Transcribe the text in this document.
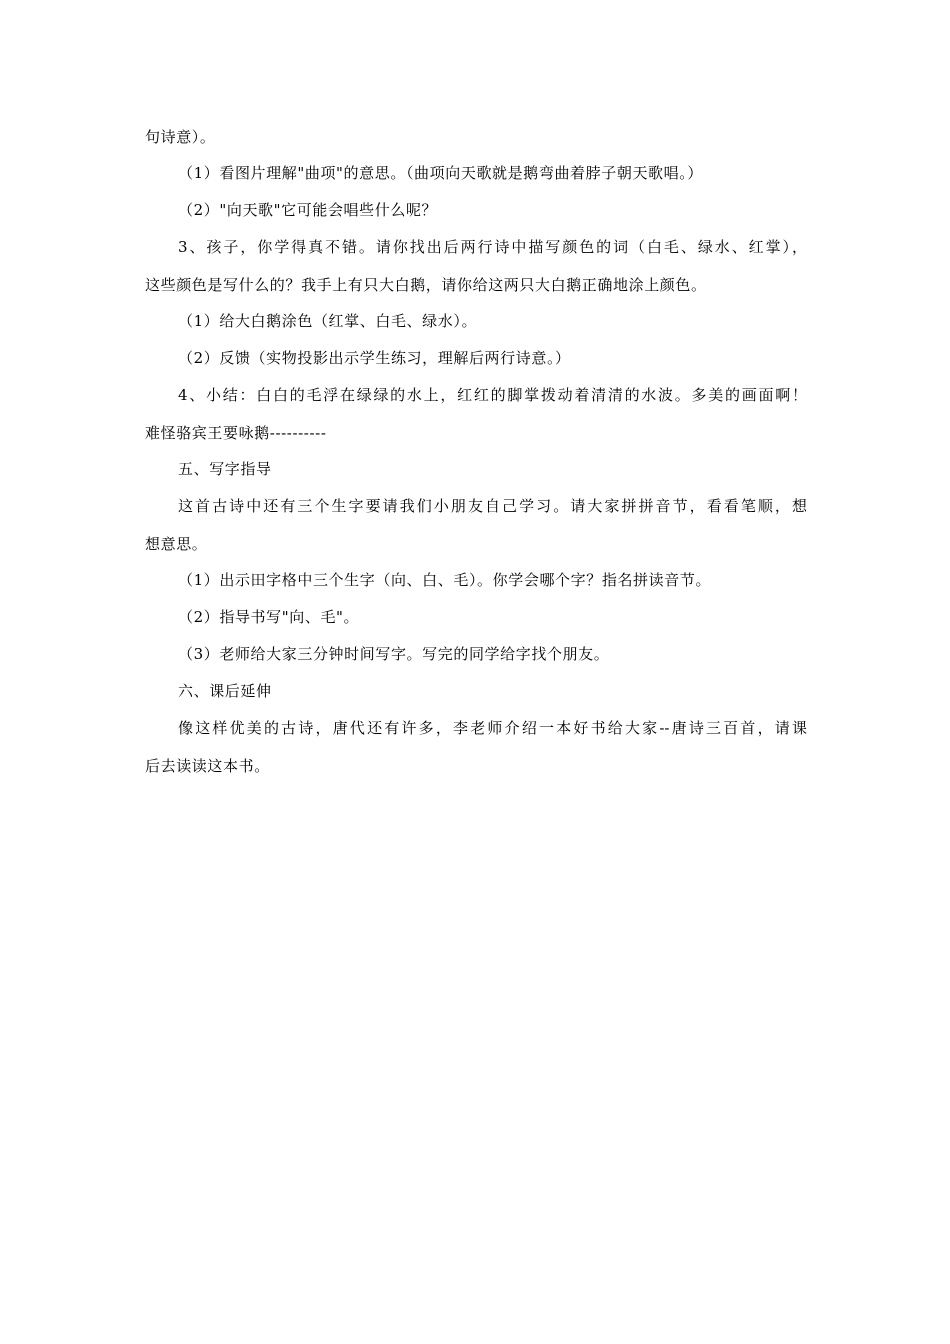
句诗意）。
（1）看图片理解"曲项"的意思。（曲项向天歌就是鹅弯曲着脖子朝天歌唱。）
（2）"向天歌"它可能会唱些什么呢？
3、孩子，你学得真不错。请你找出后两行诗中描写颜色的词（白毛、绿水、红掌），
这些颜色是写什么的？我手上有只大白鹅，请你给这两只大白鹅正确地涂上颜色。
（1）给大白鹅涂色（红掌、白毛、绿水）。
（2）反馈（实物投影出示学生练习，理解后两行诗意。）
4、小结：白白的毛浮在绿绿的水上，红红的脚掌拨动着清清的水波。多美的画面啊！
难怪骆宾王要咏鹅----------
五、写字指导
这首古诗中还有三个生字要请我们小朋友自己学习。请大家拼拼音节，看看笔顺，想
想意思。
（1）出示田字格中三个生字（向、白、毛）。你学会哪个字？指名拼读音节。
（2）指导书写"向、毛"。
（3）老师给大家三分钟时间写字。写完的同学给字找个朋友。
六、课后延伸
像这样优美的古诗，唐代还有许多，李老师介绍一本好书给大家--唐诗三百首，请课
后去读读这本书。
